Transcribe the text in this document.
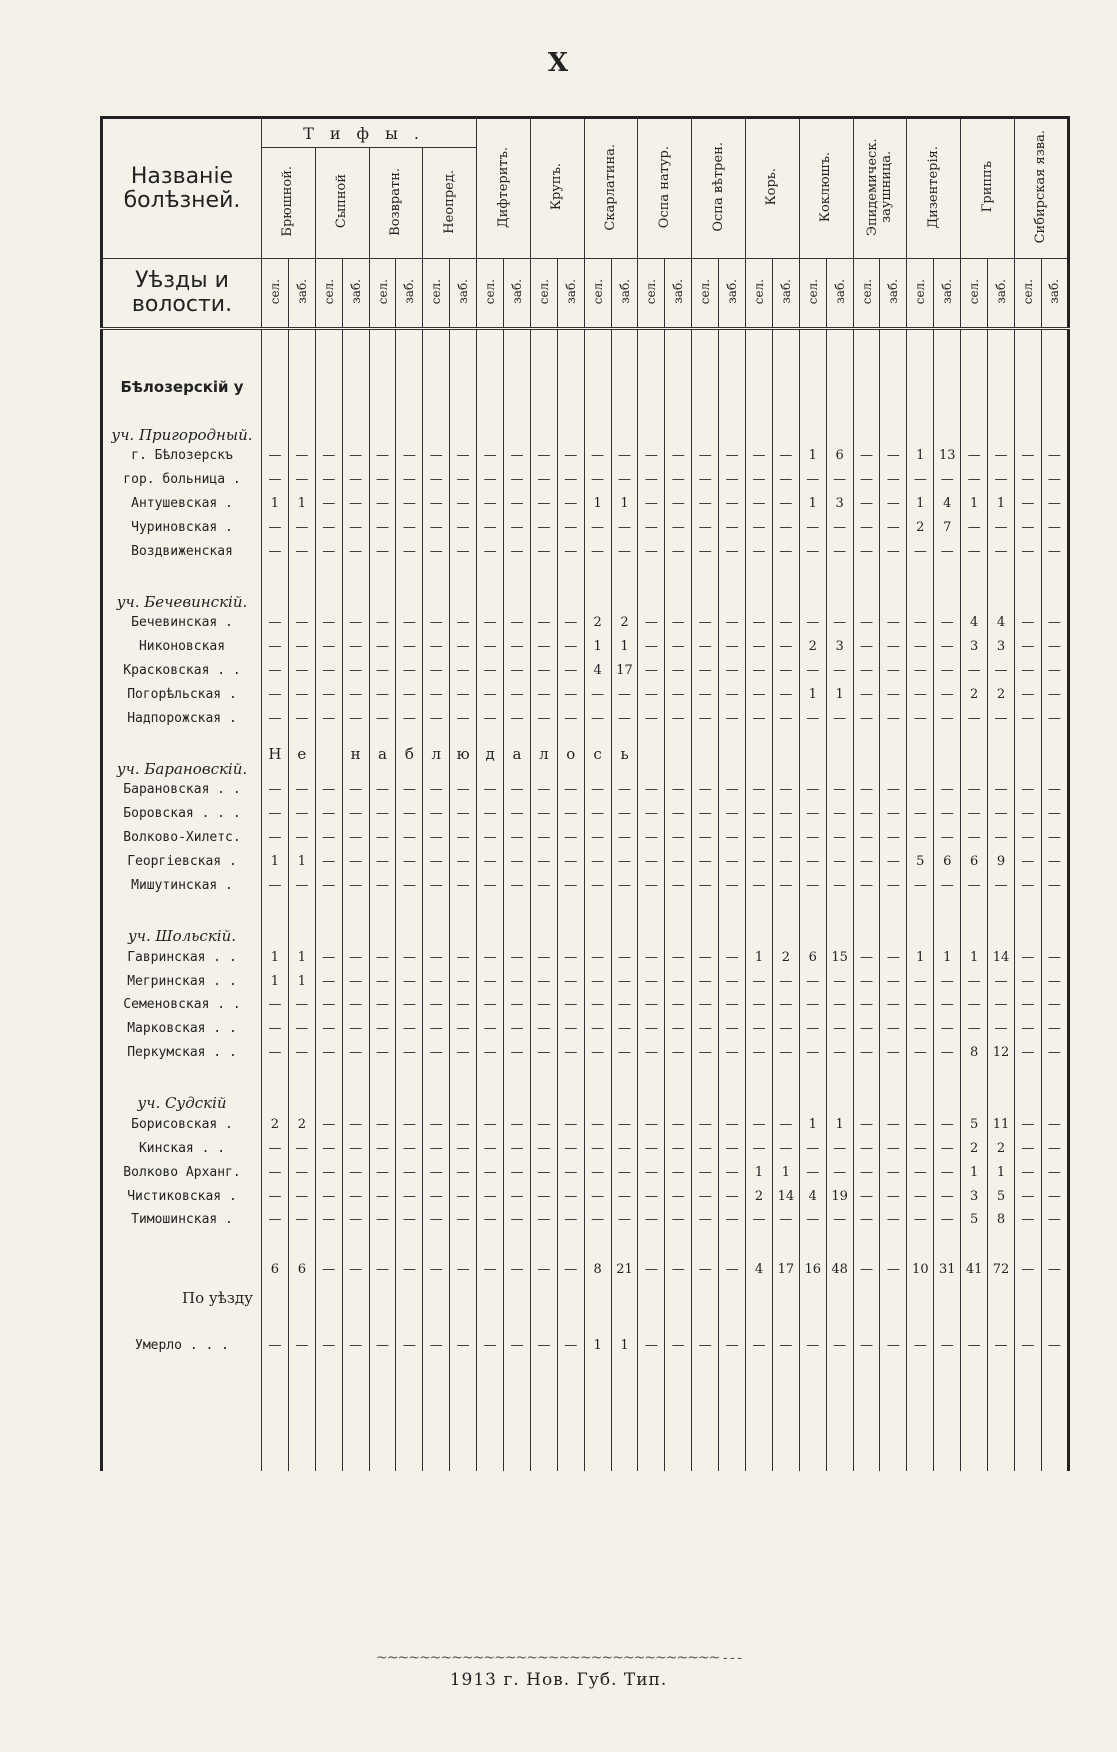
X
Названіе
болѣзней.	Тифы.								Дифтеритъ.		Крупъ.		Скарлатина.		Оспа натур.		Оспа вѣтрен.		Корь.		Коклюшъ.		Эпидемическ. заушница.		Дизентерія.		Гриппъ		Сибирская язва.	
	Брюшной.		Сыпной		Возвратн.		Неопред.																							

Уѣзды и
волости.	сел.	заб.	сел.	заб.	сел.	заб.	сел.	заб.	сел.	заб.	сел.	заб.	сел.	заб.	сел.	заб.	сел.	заб.	сел.	заб.	сел.	заб.	сел.	заб.	сел.	заб.	сел.	заб.	сел.	заб.

Бѣлозерскій у																														
уч. Пригородный.																														
г. Бѣлозерскъ	—	—	—	—	—	—	—	—	—	—	—	—	—	—	—	—	—	—	—	—	1	6	—	—	1	13	—	—	—	—
гор. больница .	—	—	—	—	—	—	—	—	—	—	—	—	—	—	—	—	—	—	—	—	—	—	—	—	—	—	—	—	—	—
Антушевская .	1	1	—	—	—	—	—	—	—	—	—	—	1	1	—	—	—	—	—	—	1	3	—	—	1	4	1	1	—	—
Чуриновская .	—	—	—	—	—	—	—	—	—	—	—	—	—	—	—	—	—	—	—	—	—	—	—	—	2	7	—	—	—	—
Воздвиженская	—	—	—	—	—	—	—	—	—	—	—	—	—	—	—	—	—	—	—	—	—	—	—	—	—	—	—	—	—	—
уч. Бечевинскій.																														
Бечевинская .	—	—	—	—	—	—	—	—	—	—	—	—	2	2	—	—	—	—	—	—	—	—	—	—	—	—	4	4	—	—
Никоновская	—	—	—	—	—	—	—	—	—	—	—	—	1	1	—	—	—	—	—	—	2	3	—	—	—	—	3	3	—	—
Красковская . .	—	—	—	—	—	—	—	—	—	—	—	—	4	17	—	—	—	—	—	—	—	—	—	—	—	—	—	—	—	—
Погорѣльская .	—	—	—	—	—	—	—	—	—	—	—	—	—	—	—	—	—	—	—	—	1	1	—	—	—	—	2	2	—	—
Надпорожская .	—	—	—	—	—	—	—	—	—	—	—	—	—	—	—	—	—	—	—	—	—	—	—	—	—	—	—	—	—	—
уч. Барановскій.	Н	е		н	а	б	л	ю	д	а	л	о	с	ь																
Барановская . .	—	—	—	—	—	—	—	—	—	—	—	—	—	—	—	—	—	—	—	—	—	—	—	—	—	—	—	—	—	—
Боровская . . .	—	—	—	—	—	—	—	—	—	—	—	—	—	—	—	—	—	—	—	—	—	—	—	—	—	—	—	—	—	—
Волково-Хилетс.	—	—	—	—	—	—	—	—	—	—	—	—	—	—	—	—	—	—	—	—	—	—	—	—	—	—	—	—	—	—
Георгіевская .	1	1	—	—	—	—	—	—	—	—	—	—	—	—	—	—	—	—	—	—	—	—	—	—	5	6	6	9	—	—
Мишутинская .	—	—	—	—	—	—	—	—	—	—	—	—	—	—	—	—	—	—	—	—	—	—	—	—	—	—	—	—	—	—
уч. Шольскій.																														
Гавринская . .	1	1	—	—	—	—	—	—	—	—	—	—	—	—	—	—	—	—	1	2	6	15	—	—	1	1	1	14	—	—
Мегринская . .	1	1	—	—	—	—	—	—	—	—	—	—	—	—	—	—	—	—	—	—	—	—	—	—	—	—	—	—	—	—
Семеновская . .	—	—	—	—	—	—	—	—	—	—	—	—	—	—	—	—	—	—	—	—	—	—	—	—	—	—	—	—	—	—
Марковская . .	—	—	—	—	—	—	—	—	—	—	—	—	—	—	—	—	—	—	—	—	—	—	—	—	—	—	—	—	—	—
Перкумская . .	—	—	—	—	—	—	—	—	—	—	—	—	—	—	—	—	—	—	—	—	—	—	—	—	—	—	8	12	—	—
уч. Судскій																														
Борисовская .	2	2	—	—	—	—	—	—	—	—	—	—	—	—	—	—	—	—	—	—	1	1	—	—	—	—	5	11	—	—
Кинская . .	—	—	—	—	—	—	—	—	—	—	—	—	—	—	—	—	—	—	—	—	—	—	—	—	—	—	2	2	—	—
Волково Арханг.	—	—	—	—	—	—	—	—	—	—	—	—	—	—	—	—	—	—	1	1	—	—	—	—	—	—	1	1	—	—
Чистиковская .	—	—	—	—	—	—	—	—	—	—	—	—	—	—	—	—	—	—	2	14	4	19	—	—	—	—	3	5	—	—
Тимошинская .	—	—	—	—	—	—	—	—	—	—	—	—	—	—	—	—	—	—	—	—	—	—	—	—	—	—	5	8	—	—
По уѣзду	6	6	—	—	—	—	—	—	—	—	—	—	8	21	—	—	—	—	4	17	16	48	—	—	10	31	41	72	—	—
Умерло . . .	—	—	—	—	—	—	—	—	—	—	—	—	1	1	—	—	—	—	—	—	—	—	—	—	—	—	—	—	—	—

~~~~~~~~~~~~~~~~~~~~~~~~~~~~~~~~ - - -
1913 г. Нов. Губ. Тип.
